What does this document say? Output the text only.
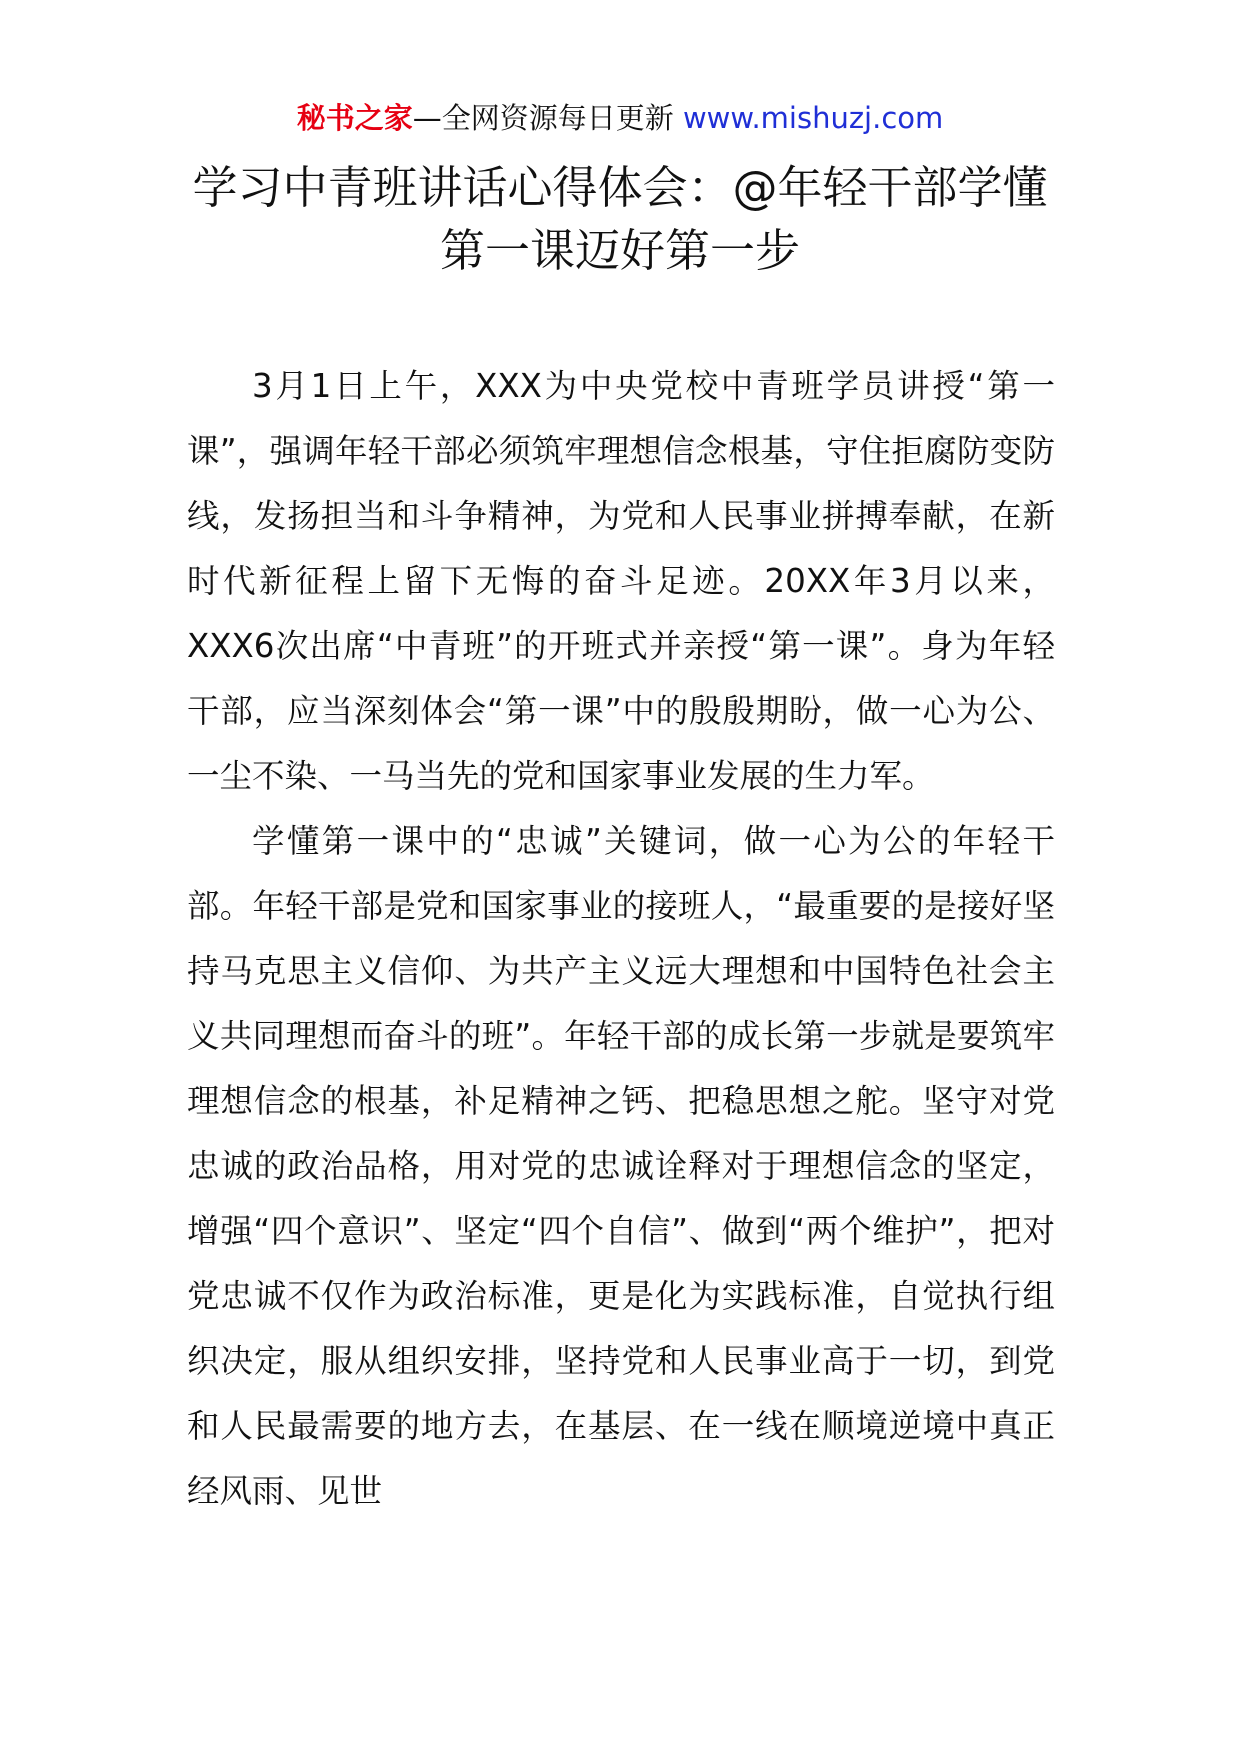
秘书之家—全网资源每日更新 www.mishuzj.com
学习中青班讲话心得体会：@年轻干部学懂
第一课迈好第一步

3月1日上午，XXX为中央党校中青班学员讲授“第一课”，强调年轻干部必须筑牢理想信念根基，守住拒腐防变防线，发扬担当和斗争精神，为党和人民事业拼搏奉献，在新时代新征程上留下无悔的奋斗足迹。20XX年3月以来，XXX6次出席“中青班”的开班式并亲授“第一课”。身为年轻干部，应当深刻体会“第一课”中的殷殷期盼，做一心为公、一尘不染、一马当先的党和国家事业发展的生力军。

学懂第一课中的“忠诚”关键词，做一心为公的年轻干部。年轻干部是党和国家事业的接班人，“最重要的是接好坚持马克思主义信仰、为共产主义远大理想和中国特色社会主义共同理想而奋斗的班”。年轻干部的成长第一步就是要筑牢理想信念的根基，补足精神之钙、把稳思想之舵。坚守对党忠诚的政治品格，用对党的忠诚诠释对于理想信念的坚定，增强“四个意识”、坚定“四个自信”、做到“两个维护”，把对党忠诚不仅作为政治标准，更是化为实践标准，自觉执行组织决定，服从组织安排，坚持党和人民事业高于一切，到党和人民最需要的地方去，在基层、在一线在顺境逆境中真正经风雨、见世
